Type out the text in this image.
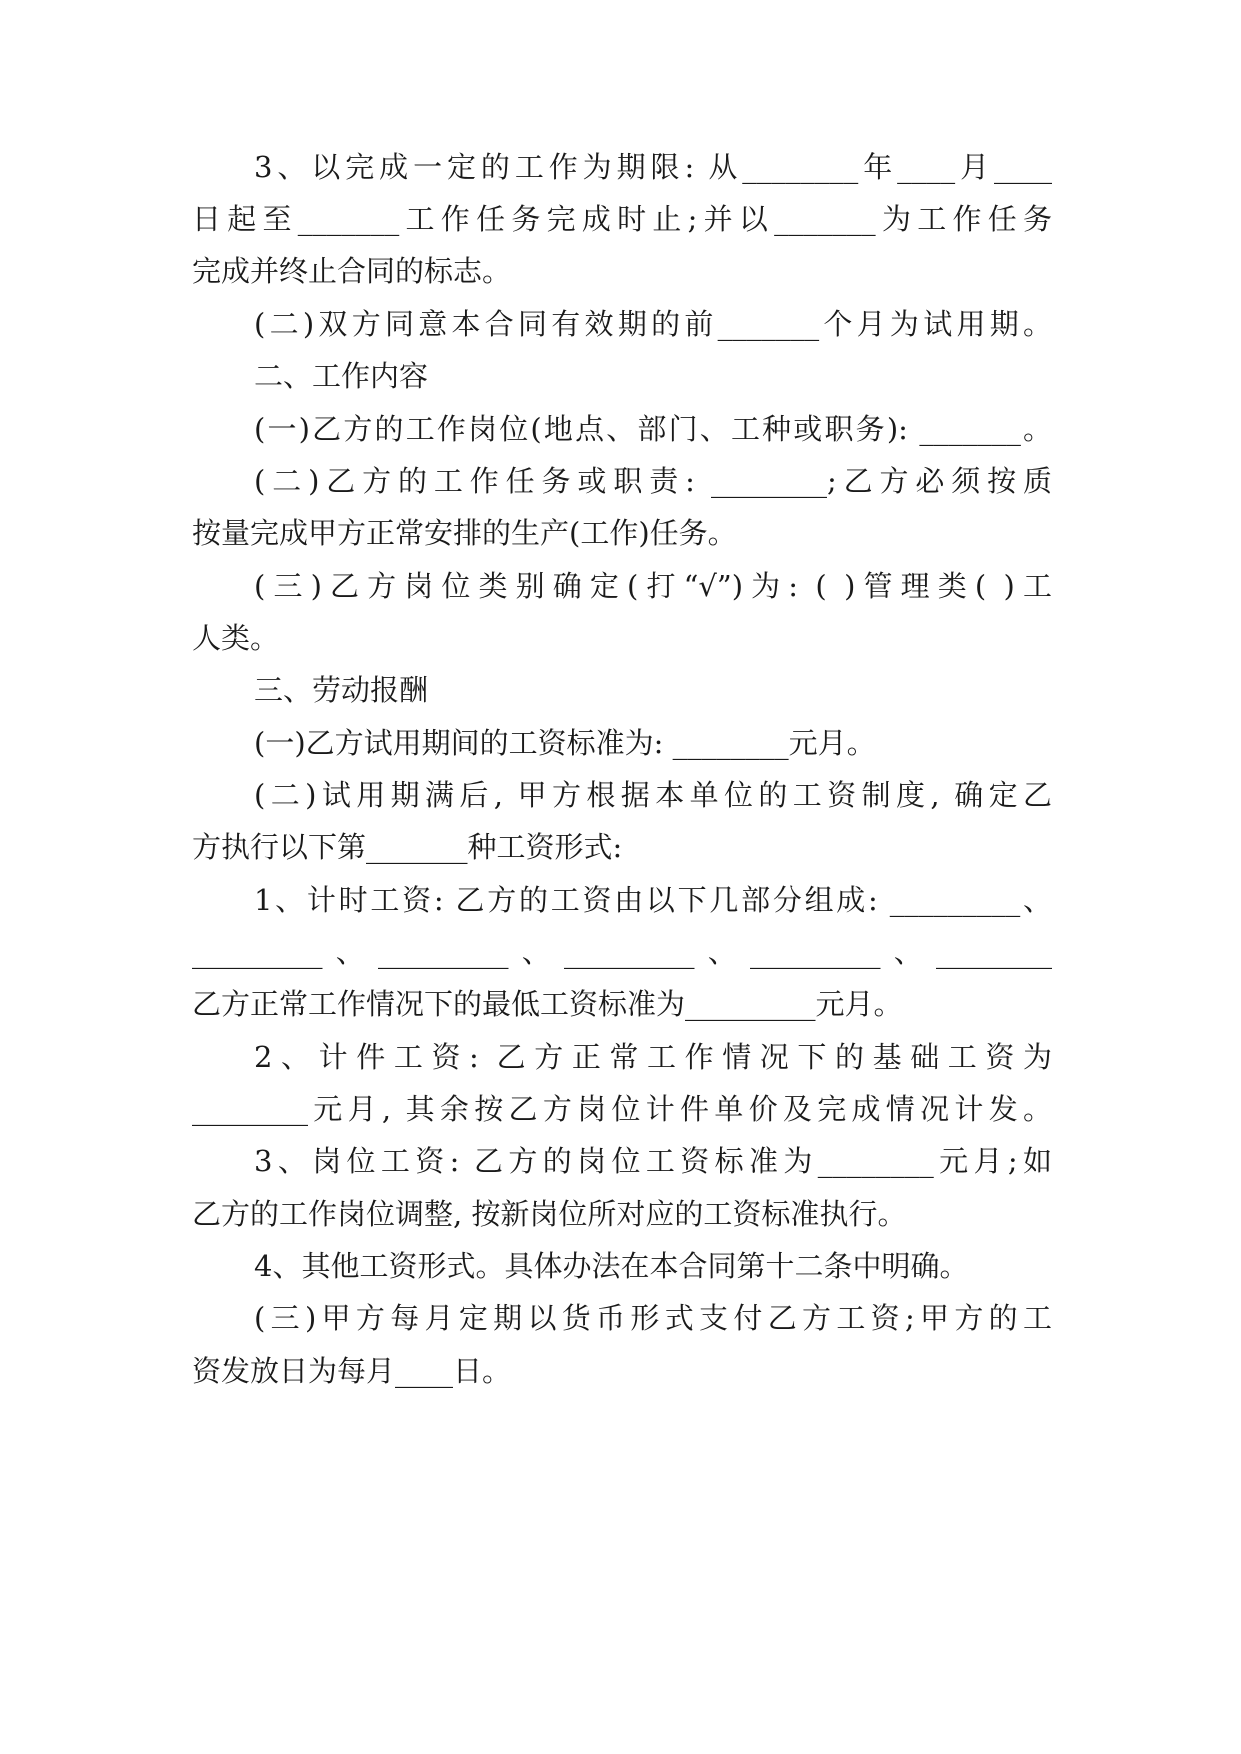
3、以完成一定的工作为期限: 从________年____月____
日起至_______工作任务完成时止;并以_______为工作任务
完成并终止合同的标志。
(二)双方同意本合同有效期的前_______个月为试用期。
二、工作内容
(一)乙方的工作岗位(地点、部门、工种或职务): _______。
(二)乙方的工作任务或职责: ________;乙方必须按质
按量完成甲方正常安排的生产(工作)任务。
(三)乙方岗位类别确定(打“√”)为: ( )管理类( )工
人类。
三、劳动报酬
(一)乙方试用期间的工资标准为: ________元月。
(二)试用期满后, 甲方根据本单位的工资制度, 确定乙
方执行以下第_______种工资形式:
1、计时工资: 乙方的工资由以下几部分组成: _________、
_________、_________、_________、_________、________
乙方正常工作情况下的最低工资标准为_________元月。
2、计件工资: 乙方正常工作情况下的基础工资为
________元月, 其余按乙方岗位计件单价及完成情况计发。
3、岗位工资: 乙方的岗位工资标准为________元月;如
乙方的工作岗位调整, 按新岗位所对应的工资标准执行。
4、其他工资形式。具体办法在本合同第十二条中明确。
(三)甲方每月定期以货币形式支付乙方工资;甲方的工
资发放日为每月____日。
